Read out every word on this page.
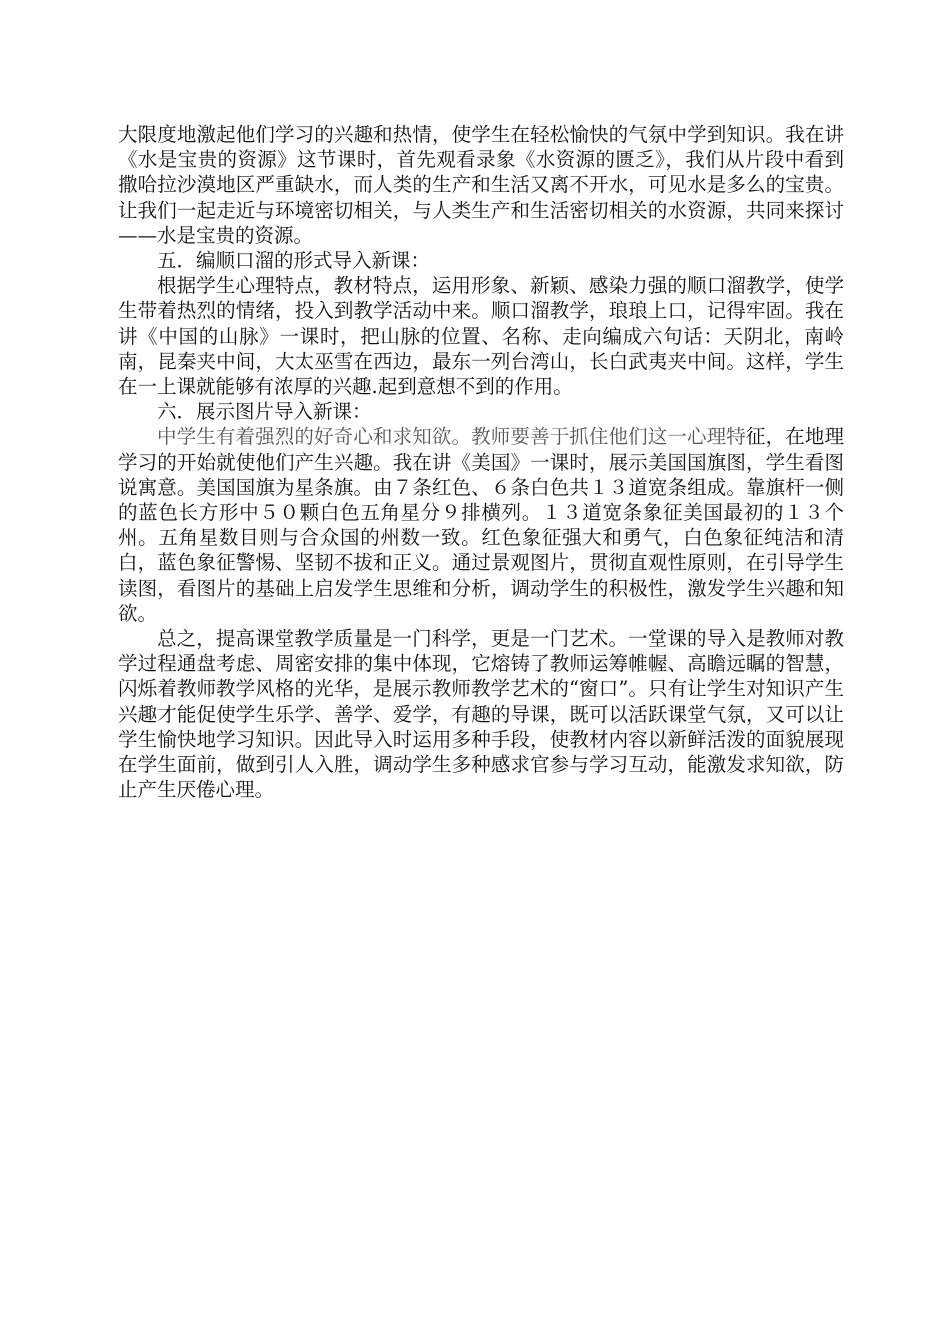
大限度地激起他们学习的兴趣和热情，使学生在轻松愉快的气氛中学到知识。我在讲《水是宝贵的资源》这节课时，首先观看录象《水资源的匮乏》，我们从片段中看到撒哈拉沙漠地区严重缺水，而人类的生产和生活又离不开水，可见水是多么的宝贵。让我们一起走近与环境密切相关，与人类生产和生活密切相关的水资源，共同来探讨——水是宝贵的资源。

五．编顺口溜的形式导入新课：

根据学生心理特点，教材特点，运用形象、新颖、感染力强的顺口溜教学，使学生带着热烈的情绪，投入到教学活动中来。顺口溜教学，琅琅上口，记得牢固。我在讲《中国的山脉》一课时，把山脉的位置、名称、走向编成六句话：天阴北，南岭南，昆秦夹中间，大太巫雪在西边，最东一列台湾山，长白武夷夹中间。这样，学生在一上课就能够有浓厚的兴趣.起到意想不到的作用。

六．展示图片导入新课：

中学生有着强烈的好奇心和求知欲。教师要善于抓住他们这一心理特征，在地理学习的开始就使他们产生兴趣。我在讲《美国》一课时，展示美国国旗图，学生看图说寓意。美国国旗为星条旗。由７条红色、６条白色共１３道宽条组成。靠旗杆一侧的蓝色长方形中５０颗白色五角星分９排横列。１３道宽条象征美国最初的１３个州。五角星数目则与合众国的州数一致。红色象征强大和勇气，白色象征纯洁和清白，蓝色象征警惕、坚韧不拔和正义。通过景观图片，贯彻直观性原则，在引导学生读图，看图片的基础上启发学生思维和分析，调动学生的积极性，激发学生兴趣和知欲。

总之，提高课堂教学质量是一门科学，更是一门艺术。一堂课的导入是教师对教学过程通盘考虑、周密安排的集中体现，它熔铸了教师运筹帷幄、高瞻远瞩的智慧，闪烁着教师教学风格的光华，是展示教师教学艺术的“窗口”。只有让学生对知识产生兴趣才能促使学生乐学、善学、爱学，有趣的导课，既可以活跃课堂气氛，又可以让学生愉快地学习知识。因此导入时运用多种手段，使教材内容以新鲜活泼的面貌展现在学生面前，做到引人入胜，调动学生多种感求官参与学习互动，能激发求知欲，防止产生厌倦心理。
